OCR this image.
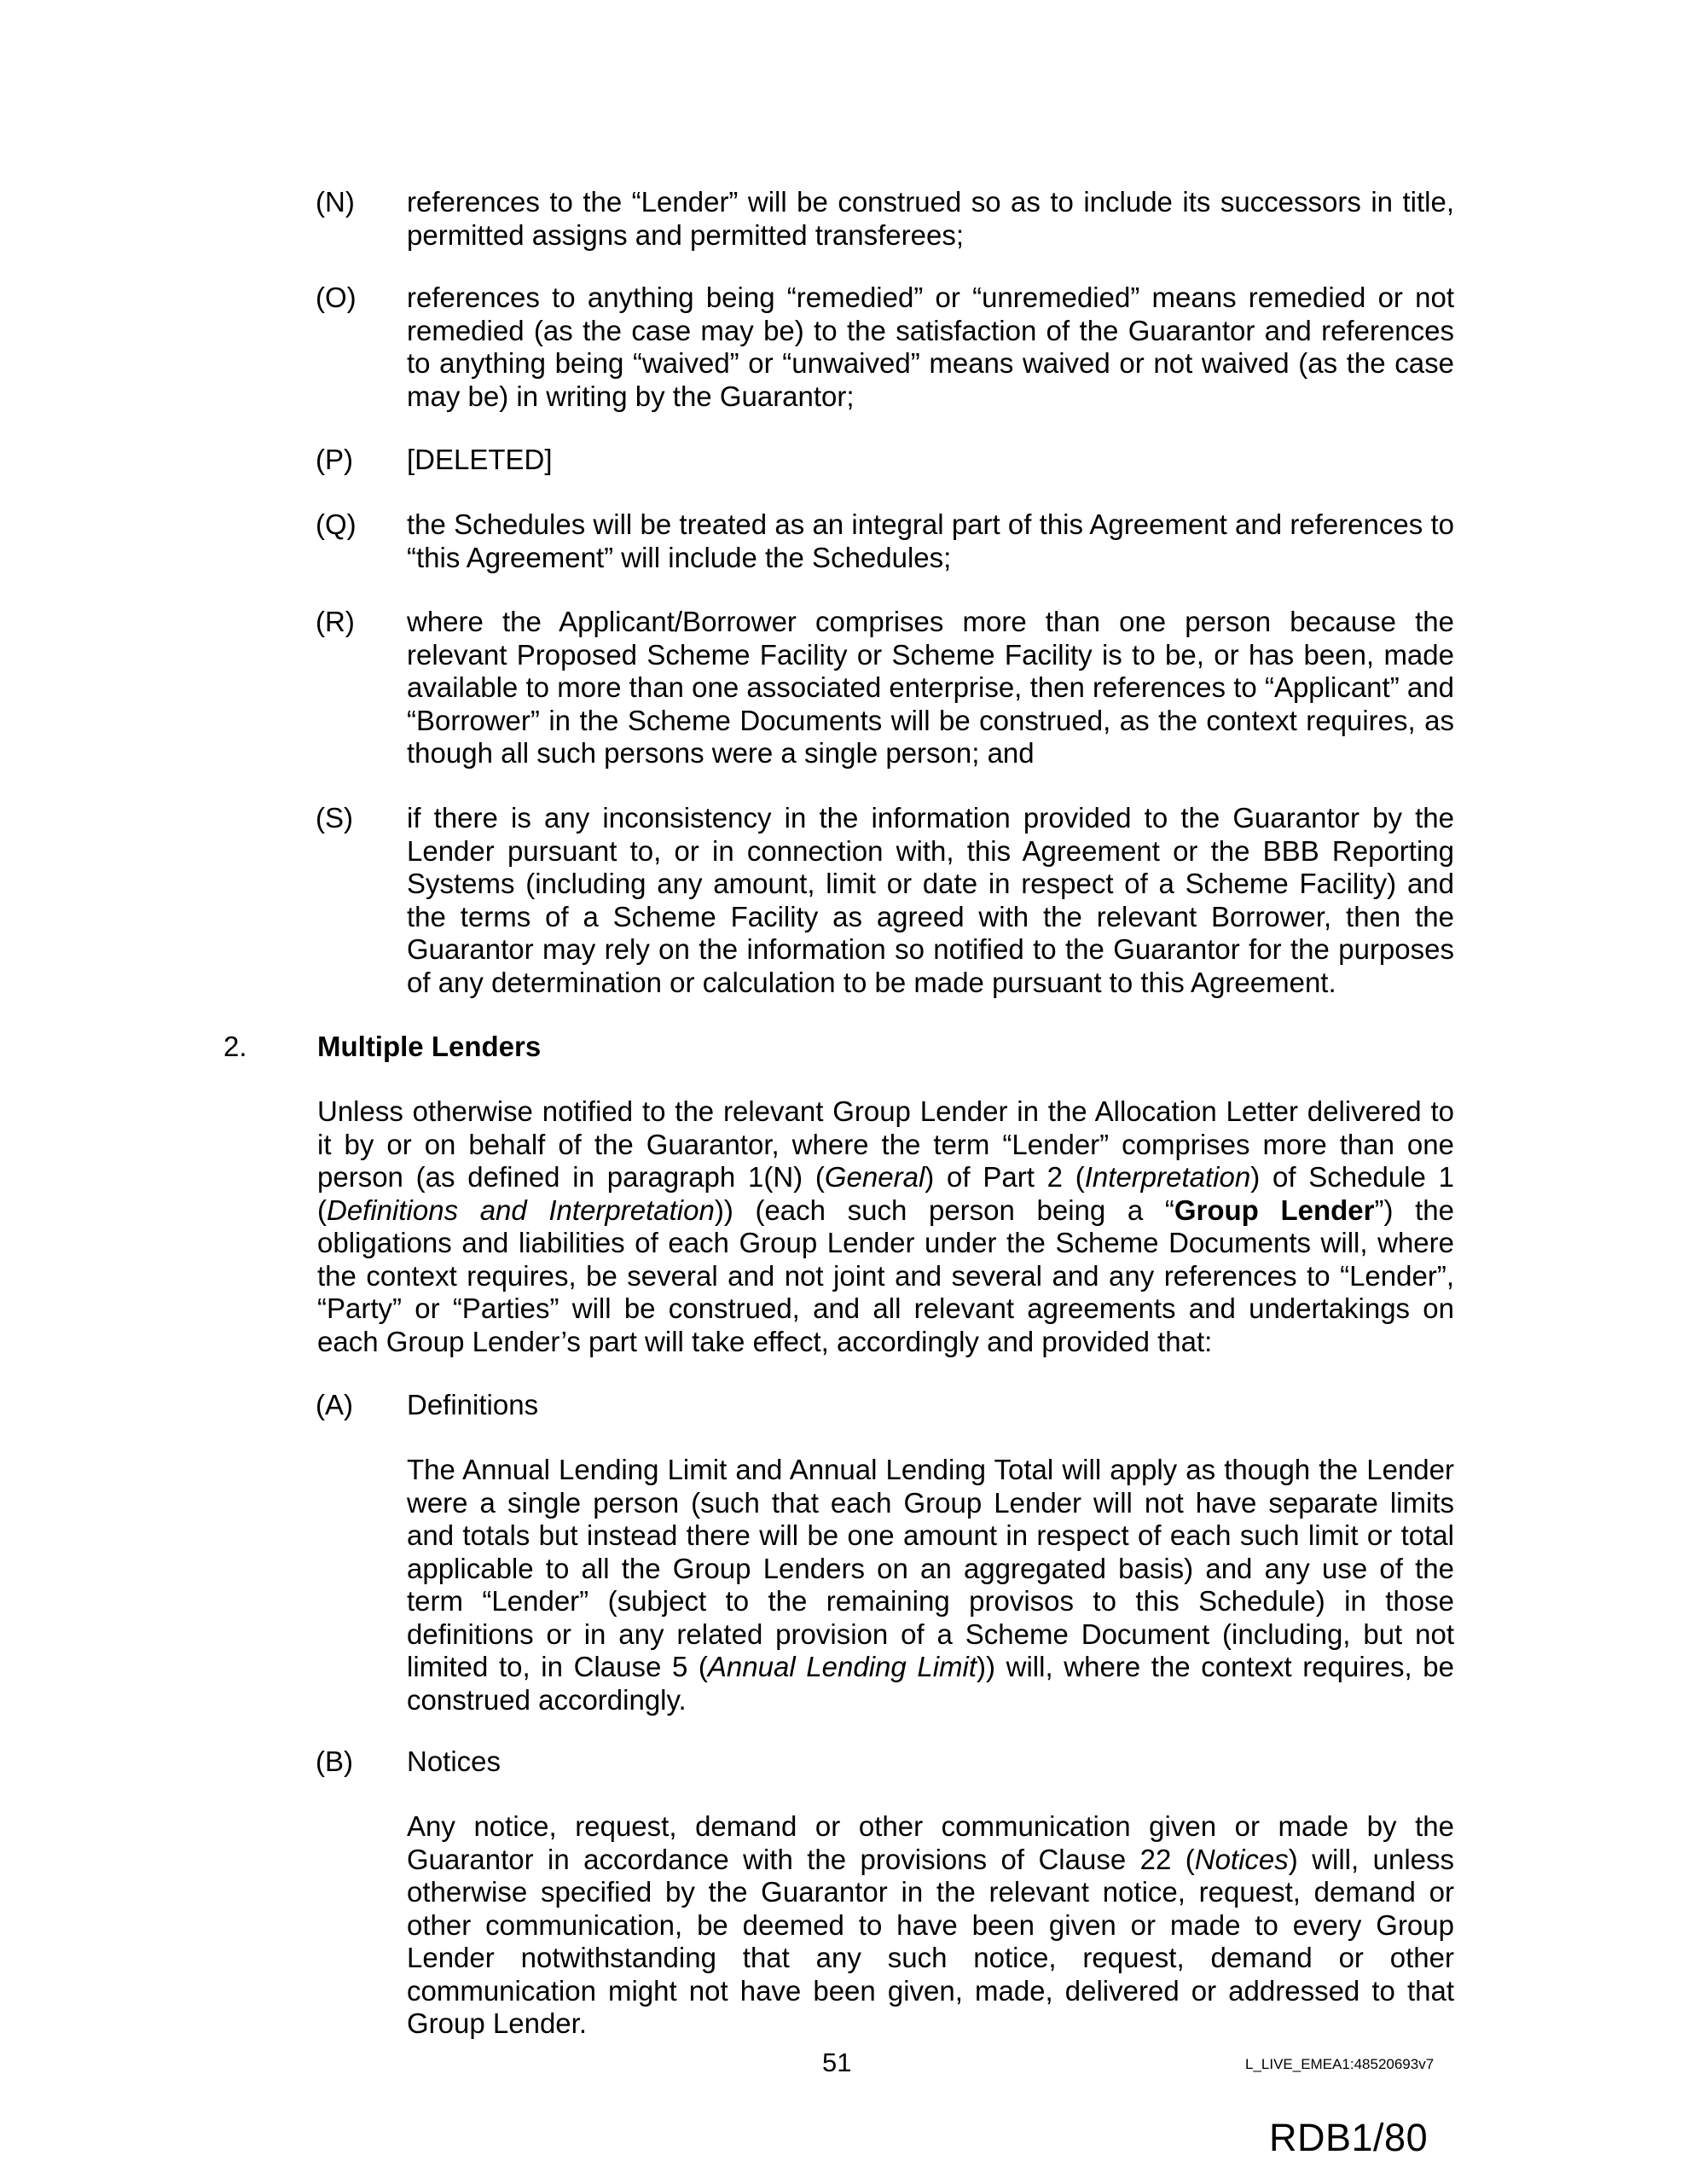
(N) references to the “Lender” will be construed so as to include its successors in title, permitted assigns and permitted transferees;

(O) references to anything being “remedied” or “unremedied” means remedied or not remedied (as the case may be) to the satisfaction of the Guarantor and references to anything being “waived” or “unwaived” means waived or not waived (as the case may be) in writing by the Guarantor;

(P) [DELETED]

(Q) the Schedules will be treated as an integral part of this Agreement and references to “this Agreement” will include the Schedules;

(R) where the Applicant/Borrower comprises more than one person because the relevant Proposed Scheme Facility or Scheme Facility is to be, or has been, made available to more than one associated enterprise, then references to “Applicant” and “Borrower” in the Scheme Documents will be construed, as the context requires, as though all such persons were a single person; and

(S) if there is any inconsistency in the information provided to the Guarantor by the Lender pursuant to, or in connection with, this Agreement or the BBB Reporting Systems (including any amount, limit or date in respect of a Scheme Facility) and the terms of a Scheme Facility as agreed with the relevant Borrower, then the Guarantor may rely on the information so notified to the Guarantor for the purposes of any determination or calculation to be made pursuant to this Agreement.

2. Multiple Lenders

Unless otherwise notified to the relevant Group Lender in the Allocation Letter delivered to it by or on behalf of the Guarantor, where the term “Lender” comprises more than one person (as defined in paragraph 1(N) (General) of Part 2 (Interpretation) of Schedule 1 (Definitions and Interpretation)) (each such person being a “Group Lender”) the obligations and liabilities of each Group Lender under the Scheme Documents will, where the context requires, be several and not joint and several and any references to “Lender”, “Party” or “Parties” will be construed, and all relevant agreements and undertakings on each Group Lender’s part will take effect, accordingly and provided that:

(A) Definitions

The Annual Lending Limit and Annual Lending Total will apply as though the Lender were a single person (such that each Group Lender will not have separate limits and totals but instead there will be one amount in respect of each such limit or total applicable to all the Group Lenders on an aggregated basis) and any use of the term “Lender” (subject to the remaining provisos to this Schedule) in those definitions or in any related provision of a Scheme Document (including, but not limited to, in Clause 5 (Annual Lending Limit)) will, where the context requires, be construed accordingly.

(B) Notices

Any notice, request, demand or other communication given or made by the Guarantor in accordance with the provisions of Clause 22 (Notices) will, unless otherwise specified by the Guarantor in the relevant notice, request, demand or other communication, be deemed to have been given or made to every Group Lender notwithstanding that any such notice, request, demand or other communication might not have been given, made, delivered or addressed to that Group Lender.

51	L_LIVE_EMEA1:48520693v7
RDB1/80
